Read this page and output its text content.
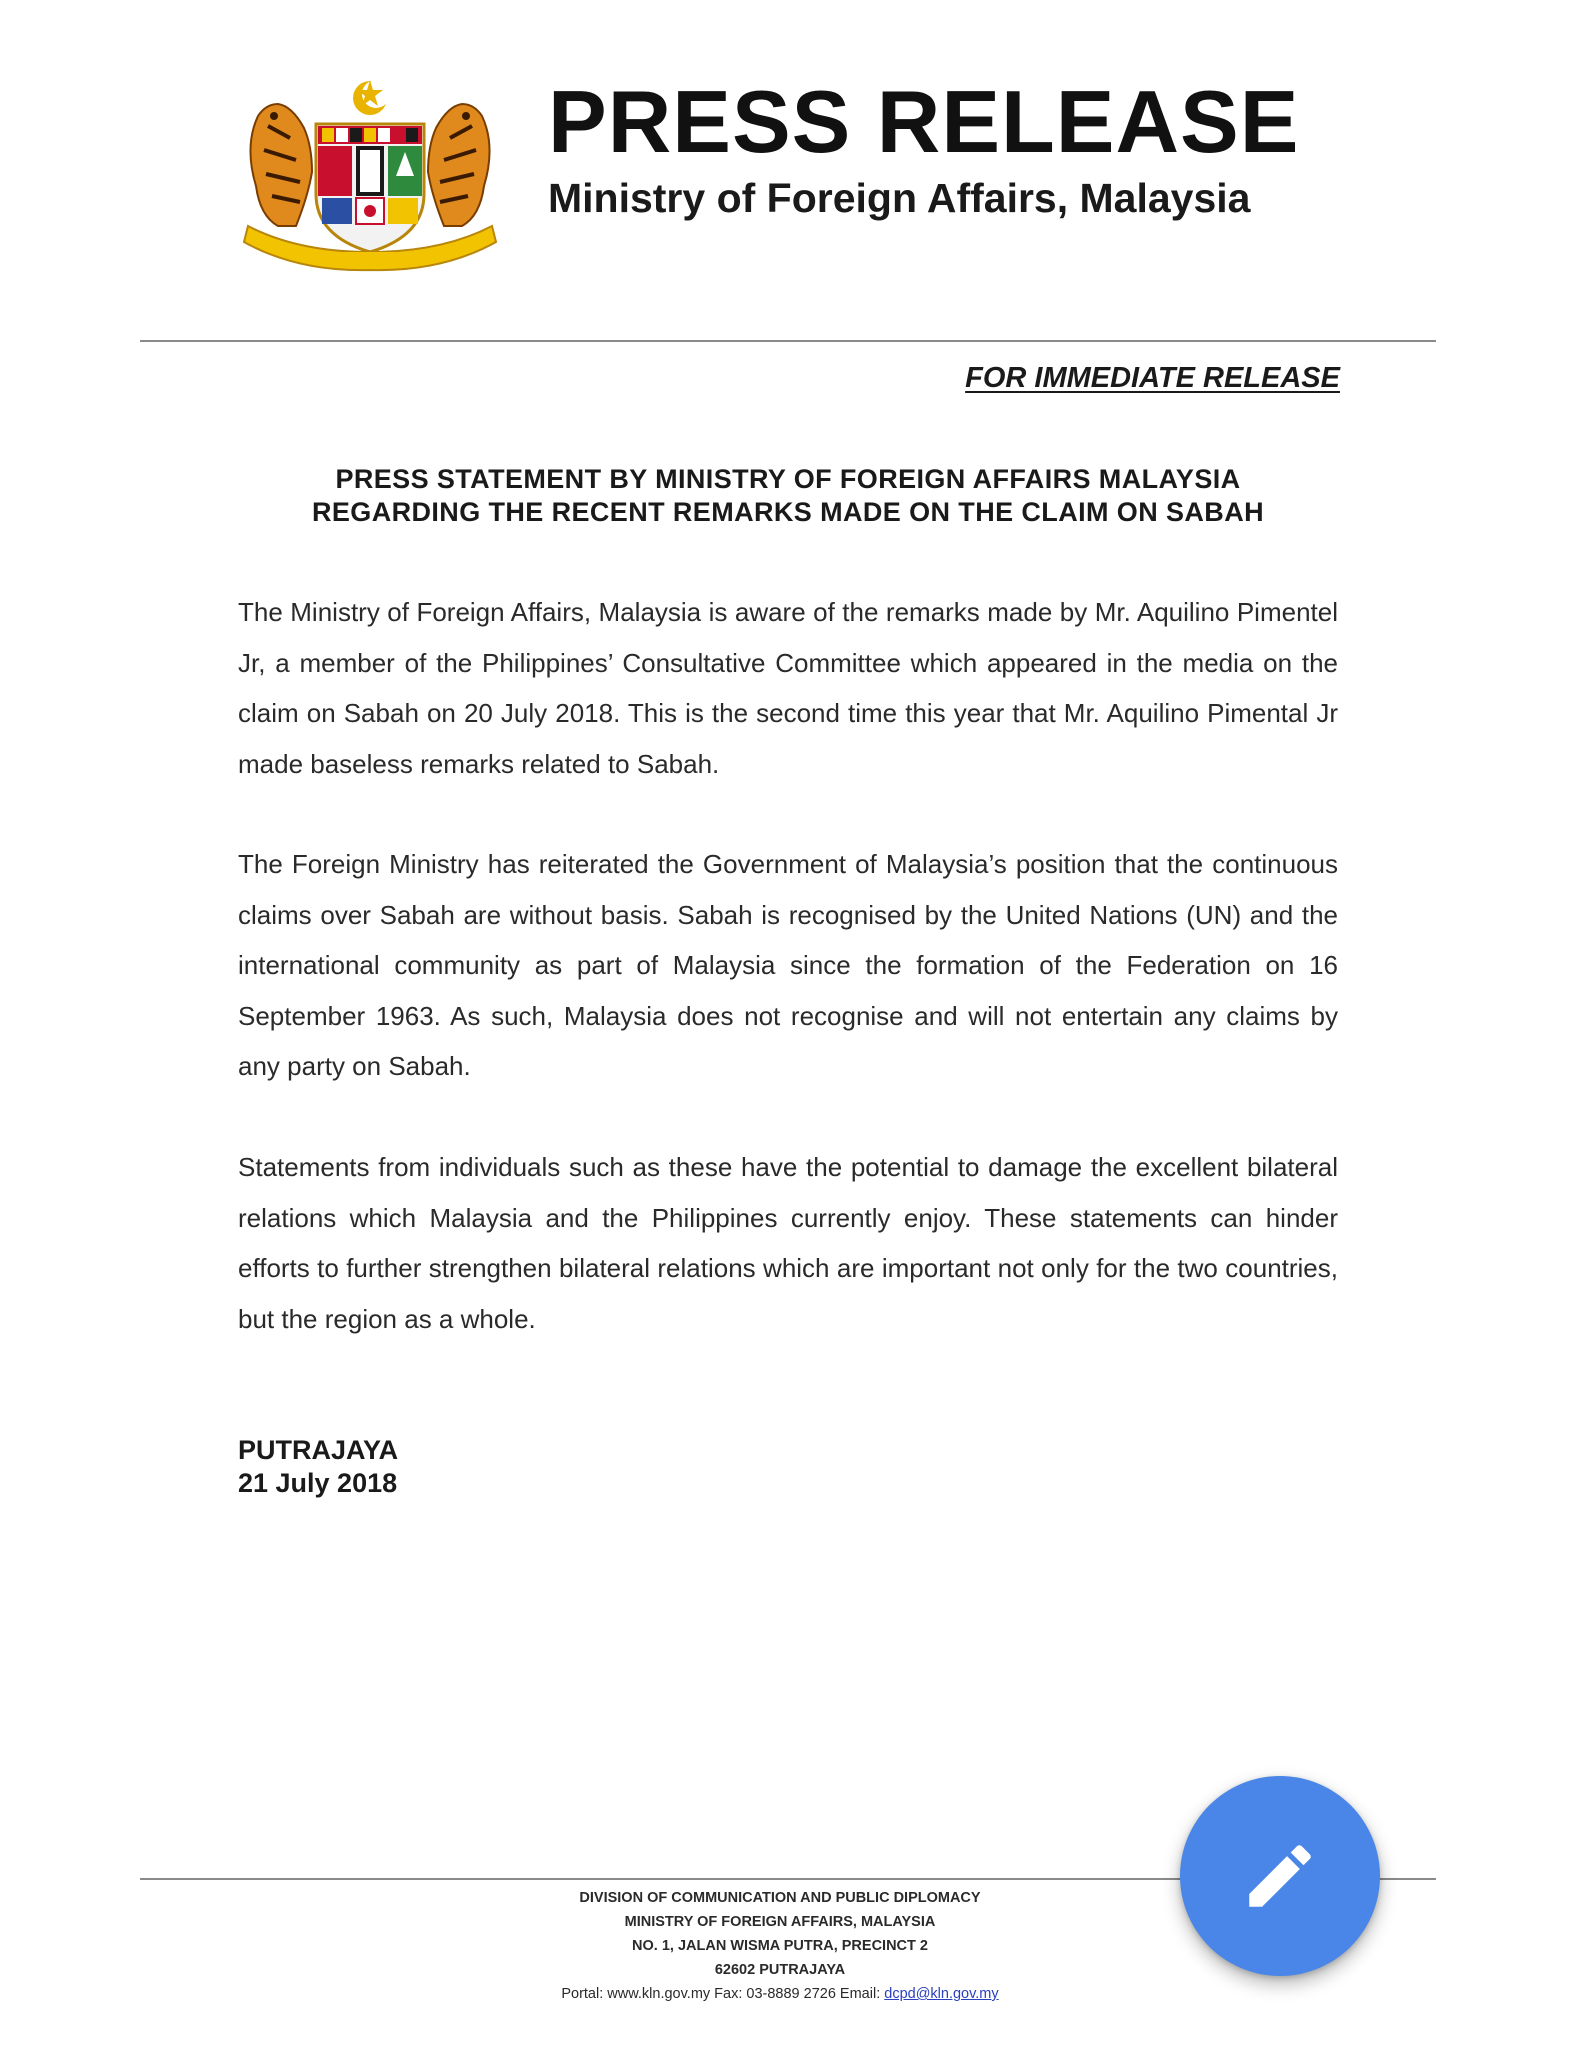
PRESS RELEASE
Ministry of Foreign Affairs, Malaysia
FOR IMMEDIATE RELEASE
PRESS STATEMENT BY MINISTRY OF FOREIGN AFFAIRS MALAYSIA
REGARDING THE RECENT REMARKS MADE ON THE CLAIM ON SABAH

The Ministry of Foreign Affairs, Malaysia is aware of the remarks made by Mr. Aquilino Pimentel Jr, a member of the Philippines’ Consultative Committee which appeared in the media on the claim on Sabah on 20 July 2018. This is the second time this year that Mr. Aquilino Pimental Jr made baseless remarks related to Sabah.

The Foreign Ministry has reiterated the Government of Malaysia’s position that the continuous claims over Sabah are without basis. Sabah is recognised by the United Nations (UN) and the international community as part of Malaysia since the formation of the Federation on 16 September 1963. As such, Malaysia does not recognise and will not entertain any claims by any party on Sabah.

Statements from individuals such as these have the potential to damage the excellent bilateral relations which Malaysia and the Philippines currently enjoy. These statements can hinder efforts to further strengthen bilateral relations which are important not only for the two countries, but the region as a whole.

PUTRAJAYA
21 July 2018
DIVISION OF COMMUNICATION AND PUBLIC DIPLOMACY
MINISTRY OF FOREIGN AFFAIRS, MALAYSIA
NO. 1, JALAN WISMA PUTRA, PRECINCT 2
62602 PUTRAJAYA
Portal: www.kln.gov.my Fax: 03-8889 2726 Email: dcpd@kln.gov.my
